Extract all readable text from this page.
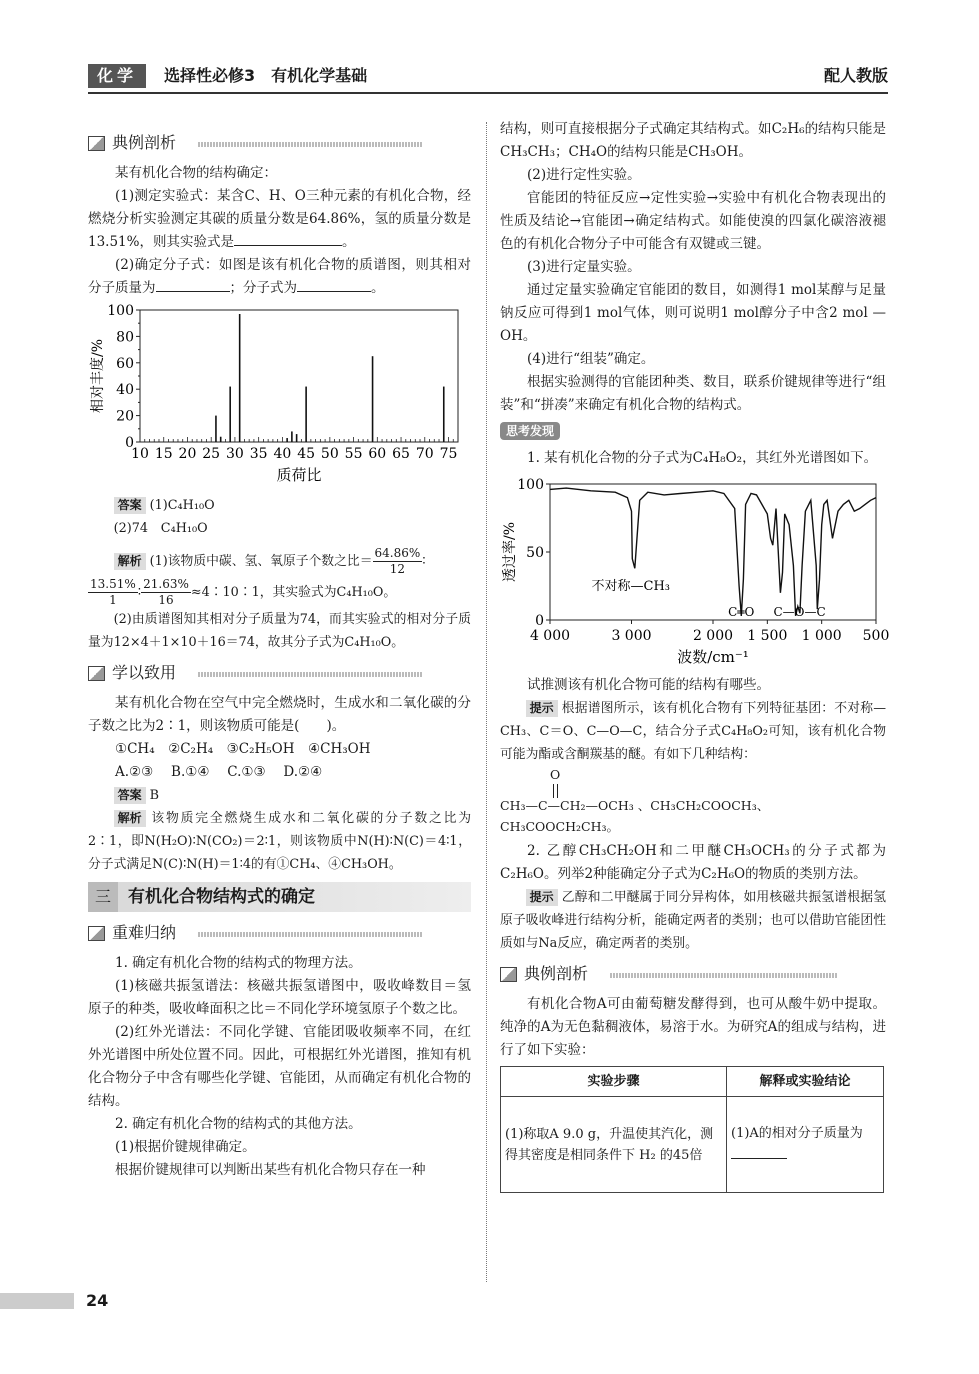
化学	选择性必修3　有机化学基础	配人教版
典例剖析

某有机化合物的结构确定：

(1)测定实验式：某含C、H、O三种元素的有机化合物，经燃烧分析实验测定其碳的质量分数是64.86%，氢的质量分数是13.51%，则其实验式是	。

(2)确定分子式：如图是该有机化合物的质谱图，则其相对分子质量为	；分子式为	。

0
20
40
60
80
100
10 15 20 25 30 35 40 45 50 55 60 65 70 75
质荷比
相对丰度/%

答案 (1)C₄H₁₀O

(2)74　C₄H₁₀O

解析 (1)该物质中碳、氢、氧原子个数之比＝ $\frac{64.86\%}{12}$ ∶

$\frac{13.51\%}{1}$ ∶ $\frac{21.63\%}{16}$ ≈4∶10∶1，其实验式为C₄H₁₀O。

(2)由质谱图知其相对分子质量为74，而其实验式的相对分子质量为12×4＋1×10＋16＝74，故其分子式为C₄H₁₀O。

学以致用

某有机化合物在空气中完全燃烧时，生成水和二氧化碳的分子数之比为2∶1，则该物质可能是(　　)。

①CH₄　②C₂H₄　③C₂H₅OH　④CH₃OH

A.②③　 B.①④　 C.①③　 D.②④

答案 B

解析 该物质完全燃烧生成水和二氧化碳的分子数之比为2∶1，即N(H₂O)∶N(CO₂)＝2∶1，则该物质中N(H)∶N(C)＝4∶1，分子式满足N(C)∶N(H)＝1∶4的有①CH₄、④CH₃OH。

三	有机化合物结构式的确定
重难归纳

1. 确定有机化合物的结构式的物理方法。

(1)核磁共振氢谱法：核磁共振氢谱图中，吸收峰数目＝氢原子的种类，吸收峰面积之比＝不同化学环境氢原子个数之比。

(2)红外光谱法：不同化学键、官能团吸收频率不同，在红外光谱图中所处位置不同。因此，可根据红外光谱图，推知有机化合物分子中含有哪些化学键、官能团，从而确定有机化合物的结构。

2. 确定有机化合物的结构式的其他方法。

(1)根据价键规律确定。

根据价键规律可以判断出某些有机化合物只存在一种

结构，则可直接根据分子式确定其结构式。如C₂H₆的结构只能是CH₃CH₃；CH₄O的结构只能是CH₃OH。

(2)进行定性实验。

官能团的特征反应→定性实验→实验中有机化合物表现出的性质及结论→官能团→确定结构式。如能使溴的四氯化碳溶液褪色的有机化合物分子中可能含有双键或三键。

(3)进行定量实验。

通过定量实验确定官能团的数目，如测得1 mol某醇与足量钠反应可得到1 mol气体，则可说明1 mol醇分子中含2 mol —OH。

(4)进行“组装”确定。

根据实验测得的官能团种类、数目，联系价键规律等进行“组装”和“拼凑”来确定有机化合物的结构式。

思考发现

1. 某有机化合物的分子式为C₄H₈O₂，其红外光谱图如下。

0
50
100
4 000	3 000	2 000 1 500 1 000 500
不对称—CH₃
C═O C—O—C
波数/cm⁻¹
透过率/%

试推测该有机化合物可能的结构有哪些。

提示 根据谱图所示，该有机化合物有下列特征基团：不对称—CH₃、C＝O、C—O—C，结合分子式C₄H₈O₂可知，该有机化合物可能为酯或含酮羰基的醚。有如下几种结构：

O
CH₃—C—CH₂—OCH₃ 、CH₃CH₂COOCH₃、
CH₃COOCH₂CH₃。

2. 乙醇CH₃CH₂OH和二甲醚CH₃OCH₃的分子式都为C₂H₆O。列举2种能确定分子式为C₂H₆O的物质的类别方法。

提示 乙醇和二甲醚属于同分异构体，如用核磁共振氢谱根据氢原子吸收峰进行结构分析，能确定两者的类别；也可以借助官能团性质如与Na反应，确定两者的类别。

典例剖析

有机化合物A可由葡萄糖发酵得到，也可从酸牛奶中提取。纯净的A为无色黏稠液体，易溶于水。为研究A的组成与结构，进行了如下实验：

实验步骤	解释或实验结论
(1)称取A 9.0 g，升温使其汽化，测得其密度是相同条件下 H₂ 的45倍	(1)A的相对分子质量为
24
